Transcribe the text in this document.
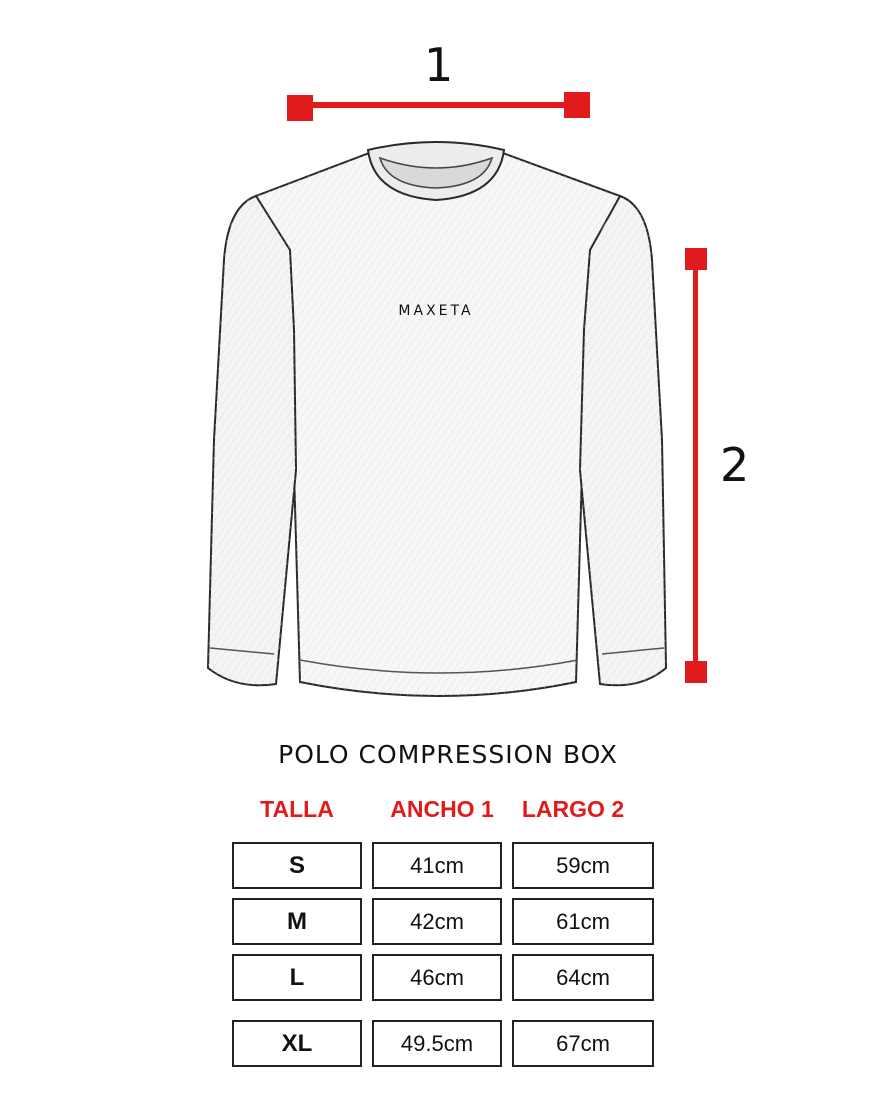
1
2
MAXETA
POLO COMPRESSION BOX
TALLA	ANCHO 1	LARGO 2
S	41cm	59cm
M	42cm	61cm
L	46cm	64cm
XL	49.5cm	67cm
